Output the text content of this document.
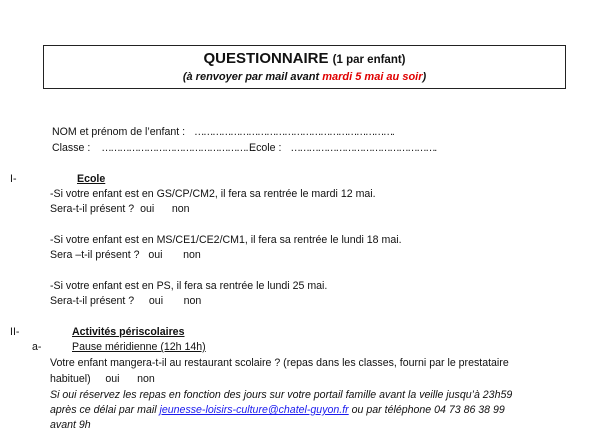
QUESTIONNAIRE (1 par enfant)
(à renvoyer par mail avant mardi 5 mai au soir)
NOM et prénom de l’enfant : ………………………………………………………….
Classe : ……………………………………………
Ecole : ………………………………………….
I-	Ecole
-Si votre enfant est en GS/CP/CM2, il fera sa rentrée le mardi 12 mai.
Sera-t-il présent ?  oui      non
-Si votre enfant est en MS/CE1/CE2/CM1, il fera sa rentrée le lundi 18 mai.
Sera –t-il présent ?   oui       non
-Si votre enfant est en PS, il fera sa rentrée le lundi 25 mai.
Sera-t-il présent ?     oui       non
II-	Activités périscolaires
a-	Pause méridienne (12h 14h)
Votre enfant mangera-t-il au restaurant scolaire ? (repas dans les classes, fourni par le prestataire
habituel)     oui      non
Si oui réservez les repas en fonction des jours sur votre portail famille avant la veille jusqu’à 23h59
après ce délai par mail jeunesse-loisirs-culture@chatel-guyon.fr ou par téléphone 04 73 86 38 99
avant 9h
